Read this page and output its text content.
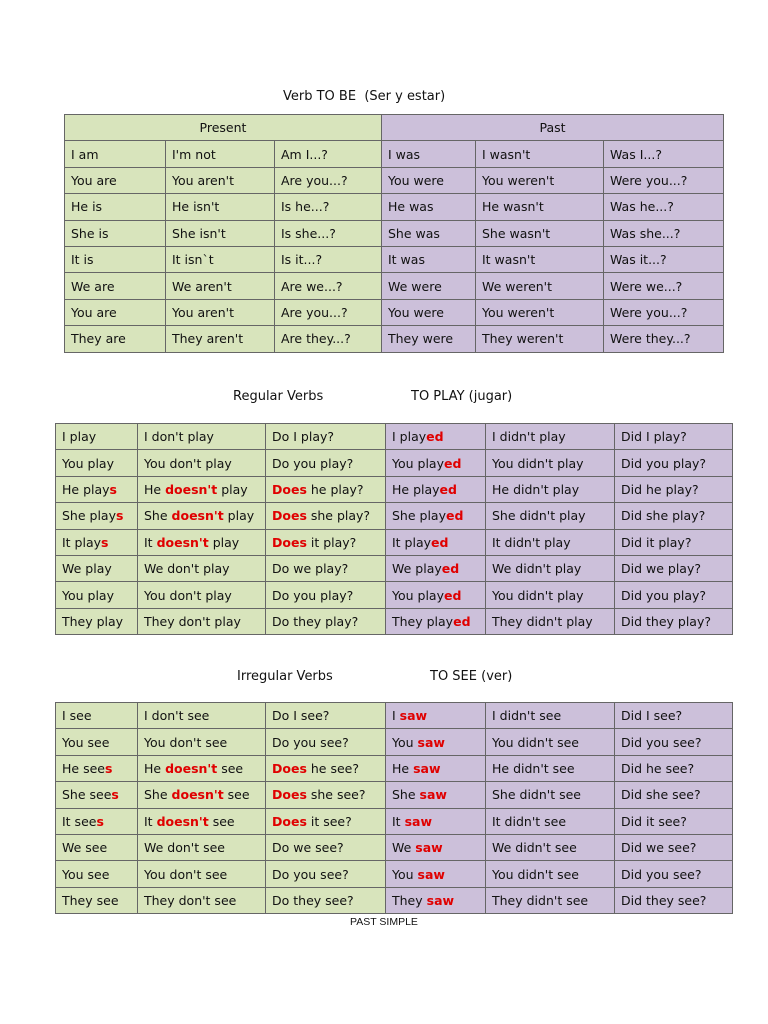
Verb TO BE  (Ser y estar)
Present			Past		
I am	I'm not	Am I...?	I was	I wasn't	Was I...?
You are	You aren't	Are you...?	You were	You weren't	Were you...?
He is	He isn't	Is he...?	He was	He wasn't	Was he...?
She is	She isn't	Is she...?	She was	She wasn't	Was she...?
It is	It isn`t	Is it...?	It was	It wasn't	Was it...?
We are	We aren't	Are we...?	We were	We weren't	Were we...?
You are	You aren't	Are you...?	You were	You weren't	Were you...?
They are	They aren't	Are they...?	They were	They weren't	Were they...?
Regular Verbs	TO PLAY (jugar)
I play	I don't play	Do I play?	I played	I didn't play	Did I play?
You play	You don't play	Do you play?	You played	You didn't play	Did you play?
He plays	He doesn't play	Does he play?	He played	He didn't play	Did he play?
She plays	She doesn't play	Does she play?	She played	She didn't play	Did she play?
It plays	It doesn't play	Does it play?	It played	It didn't play	Did it play?
We play	We don't play	Do we play?	We played	We didn't play	Did we play?
You play	You don't play	Do you play?	You played	You didn't play	Did you play?
They play	They don't play	Do they play?	They played	They didn't play	Did they play?
Irregular Verbs	TO SEE (ver)
I see	I don't see	Do I see?	I saw	I didn't see	Did I see?
You see	You don't see	Do you see?	You saw	You didn't see	Did you see?
He sees	He doesn't see	Does he see?	He saw	He didn't see	Did he see?
She sees	She doesn't see	Does she see?	She saw	She didn't see	Did she see?
It sees	It doesn't see	Does it see?	It saw	It didn't see	Did it see?
We see	We don't see	Do we see?	We saw	We didn't see	Did we see?
You see	You don't see	Do you see?	You saw	You didn't see	Did you see?
They see	They don't see	Do they see?	They saw	They didn't see	Did they see?
PAST SIMPLE
